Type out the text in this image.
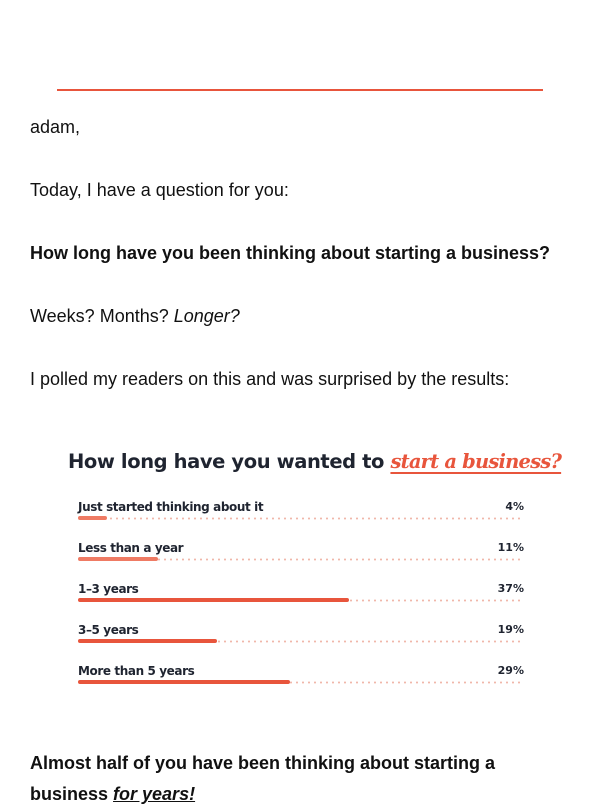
adam,

Today, I have a question for you:

How long have you been thinking about starting a business?

Weeks? Months? Longer?

I polled my readers on this and was surprised by the results:

How long have you wanted to start a business?
Just started thinking about it	4%
Less than a year	11%
1–3 years	37%
3–5 years	19%
More than 5 years	29%
Almost half of you have been thinking about starting a
business for years!
